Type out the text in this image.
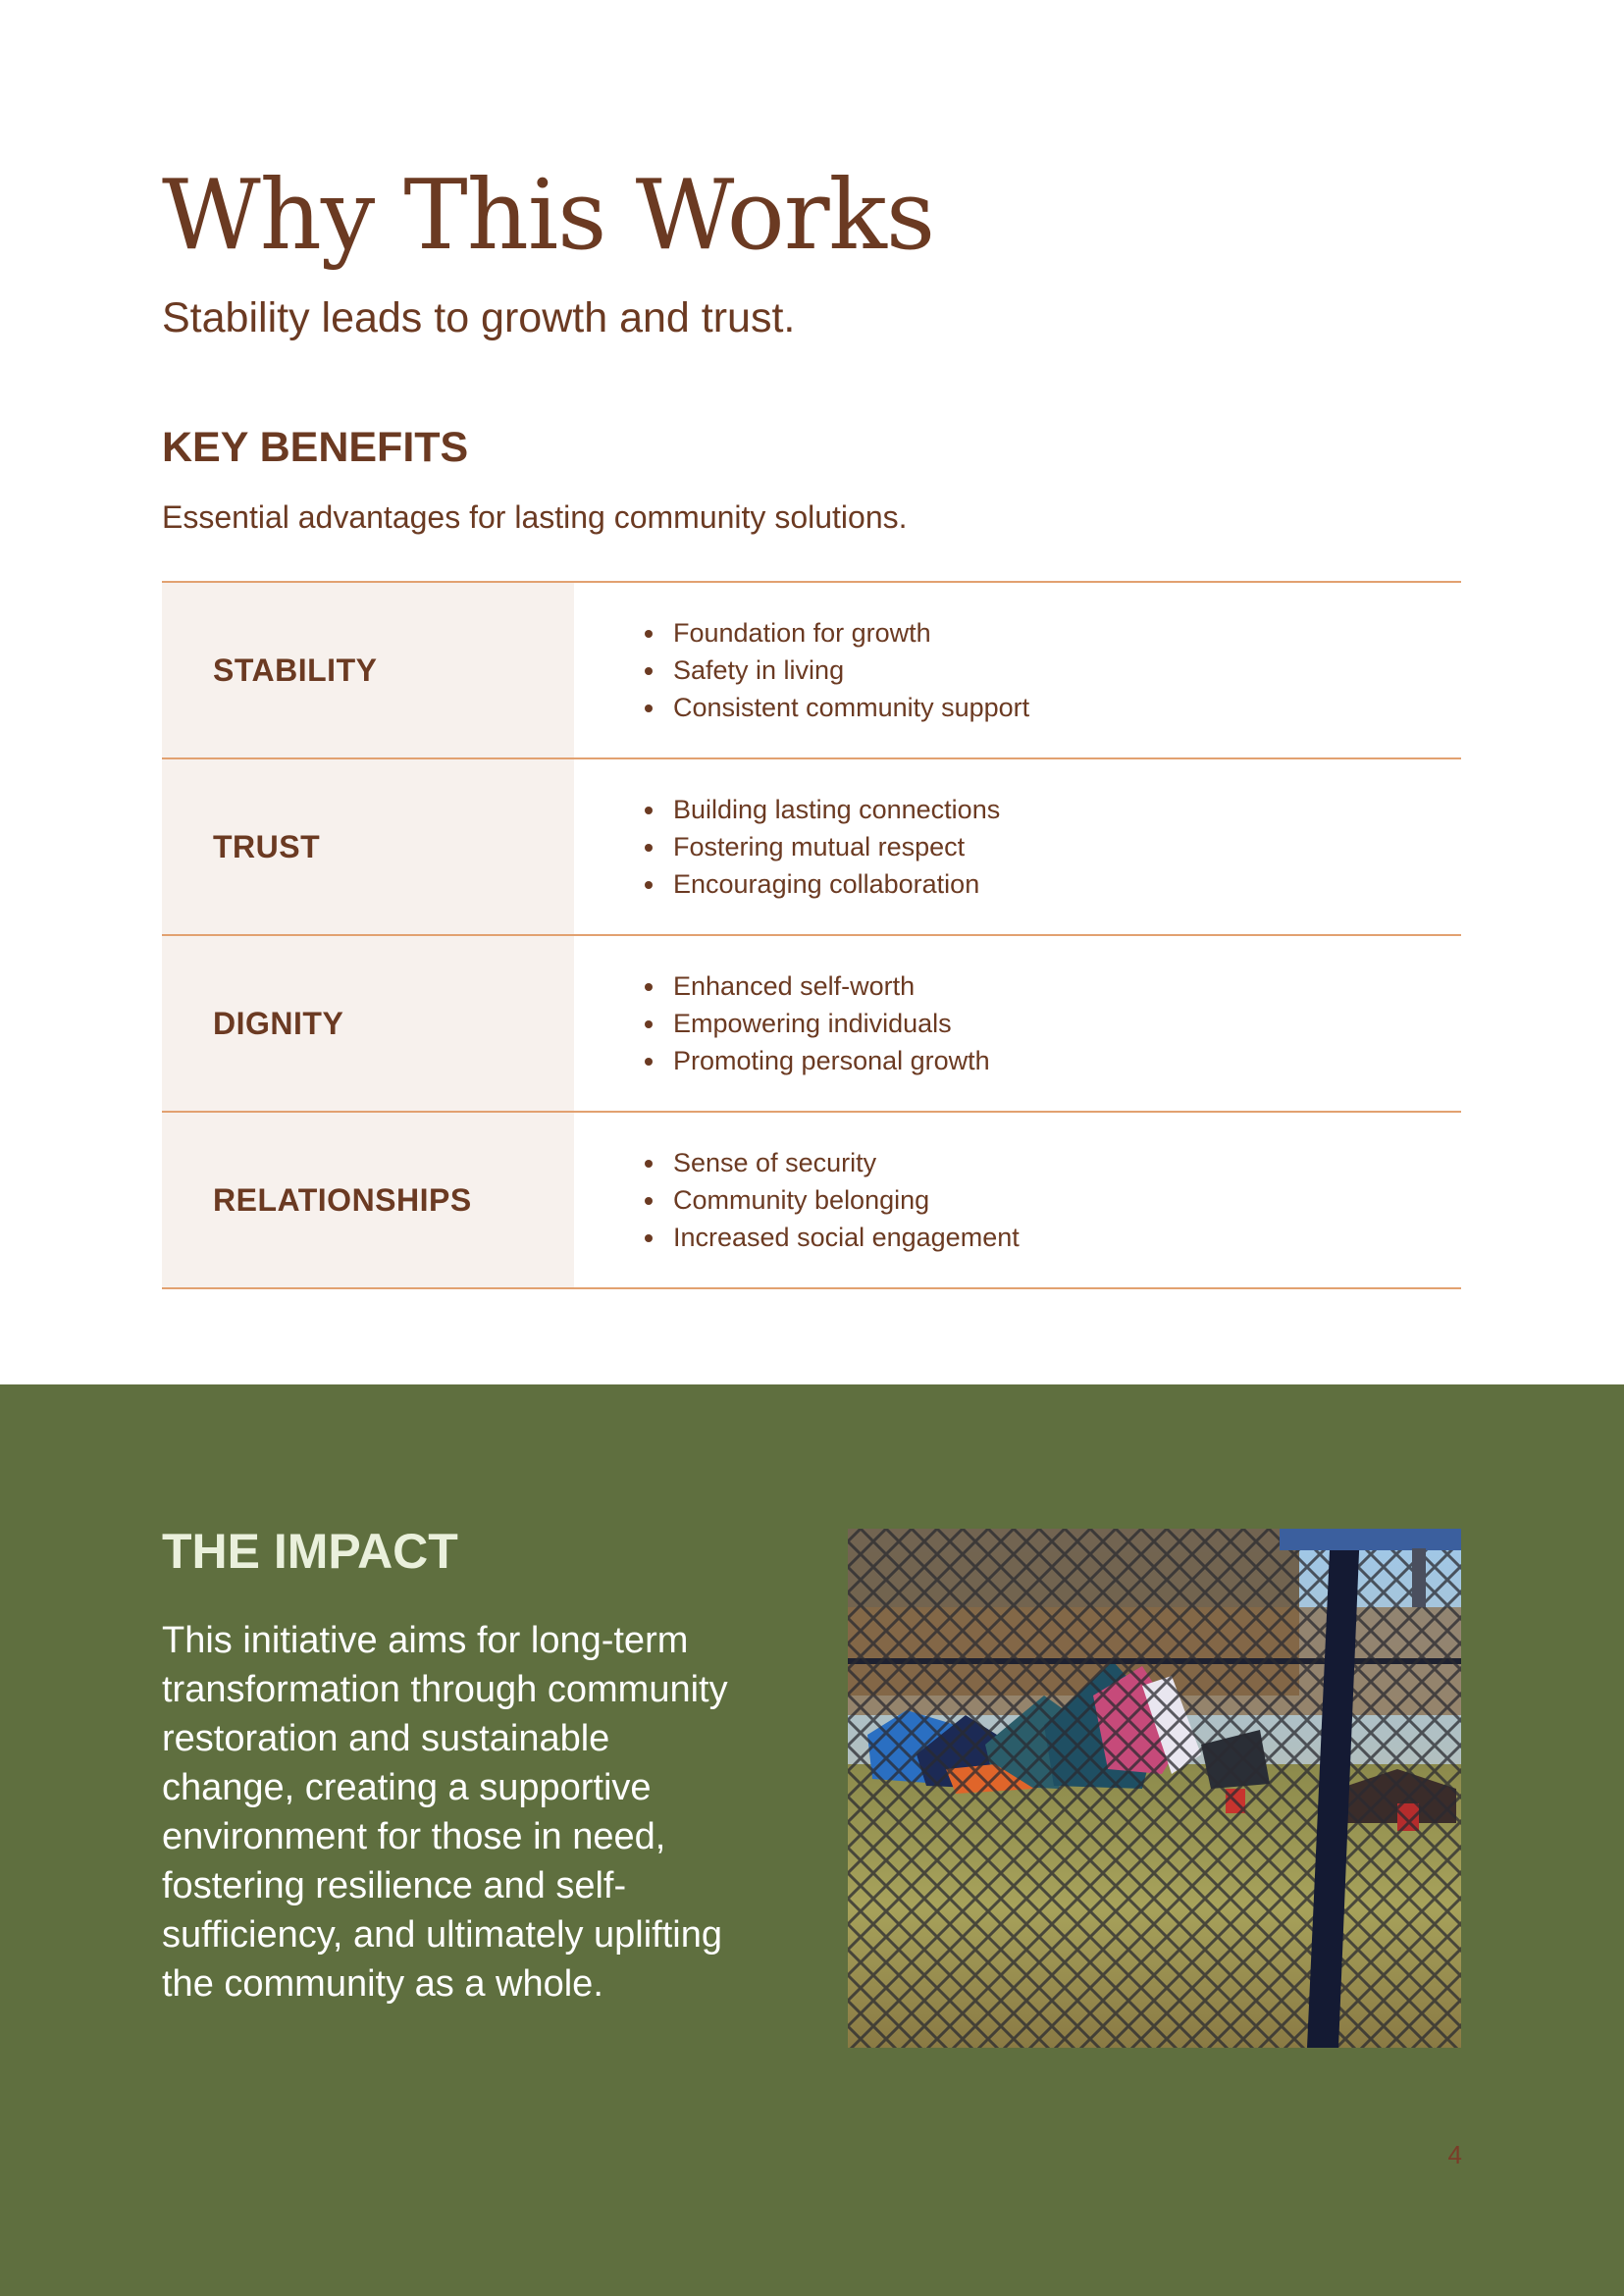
Why This Works

Stability leads to growth and trust.

KEY BENEFITS

Essential advantages for lasting community solutions.

STABILITY
Foundation for growth
Safety in living
Consistent community support
TRUST
Building lasting connections
Fostering mutual respect
Encouraging collaboration
DIGNITY
Enhanced self-worth
Empowering individuals
Promoting personal growth
RELATIONSHIPS
Sense of security
Community belonging
Increased social engagement
THE IMPACT

This initiative aims for long-term transformation through community restoration and sustainable change, creating a supportive environment for those in need, fostering resilience and self-sufficiency, and ultimately uplifting the community as a whole.

4
